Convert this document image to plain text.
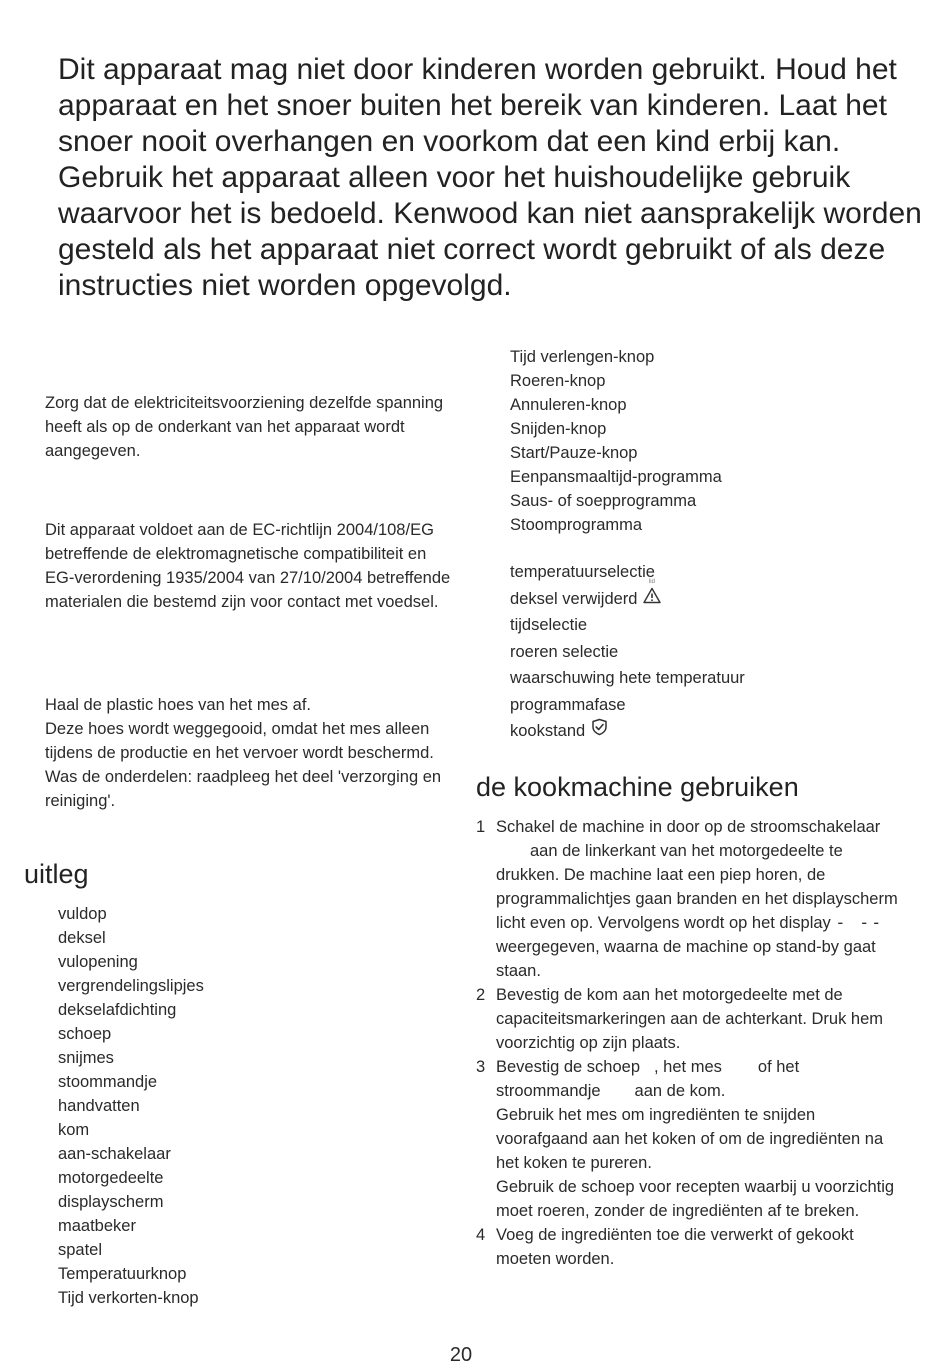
Dit apparaat mag niet door kinderen worden gebruikt. Houd het apparaat en het snoer buiten het bereik van kinderen. Laat het snoer nooit overhangen en voorkom dat een kind erbij kan. Gebruik het apparaat alleen voor het huishoudelijke gebruik waarvoor het is bedoeld. Kenwood kan niet aansprakelijk worden gesteld als het apparaat niet correct wordt gebruikt of als deze instructies niet worden opgevolgd.

Zorg dat de elektriciteitsvoorziening dezelfde spanning heeft als op de onderkant van het apparaat wordt aangegeven.

Dit apparaat voldoet aan de EC-richtlijn 2004/108/EG betreffende de elektromagnetische compatibiliteit en EG-verordening 1935/2004 van 27/10/2004 betreffende materialen die bestemd zijn voor contact met voedsel.

Haal de plastic hoes van het mes af.
Deze hoes wordt weggegooid, omdat het mes alleen tijdens de productie en het vervoer wordt beschermd.
Was de onderdelen: raadpleeg het deel 'verzorging en reiniging'.
uitleg
vuldop
deksel
vulopening
vergrendelingslipjes
dekselafdichting
schoep
snijmes
stoommandje
handvatten
kom
aan-schakelaar
motorgedeelte
displayscherm
maatbeker
spatel
Temperatuurknop
Tijd verkorten-knop
Tijd verlengen-knop
Roeren-knop
Annuleren-knop
Snijden-knop
Start/Pauze-knop
Eenpansmaaltijd-programma
Saus- of soepprogramma
Stoomprogramma
temperatuurselectie
lid
deksel verwijderd
tijdselectie
roeren selectie
waarschuwing hete temperatuur
programmafase
kookstand
de kookmachine gebruiken
1 Schakel de machine in door op de stroomschakelaaraan de linkerkant van het motorgedeelte te drukken. De machine laat een piep horen, de programmalichtjes gaan branden en het displayscherm licht even op. Vervolgens wordt op het display - -- weergegeven, waarna de machine op stand-by gaat staan.
2 Bevestig de kom aan het motorgedeelte met de capaciteitsmarkeringen aan de achterkant. Druk hem voorzichtig op zijn plaats.
3 Bevestig de schoep , het mes of het stroommandje aan de kom.
Gebruik het mes om ingrediënten te snijden voorafgaand aan het koken of om de ingrediënten na het koken te pureren.
Gebruik de schoep voor recepten waarbij u voorzichtig moet roeren, zonder de ingrediënten af te breken.
4 Voeg de ingrediënten toe die verwerkt of gekookt moeten worden.
20
